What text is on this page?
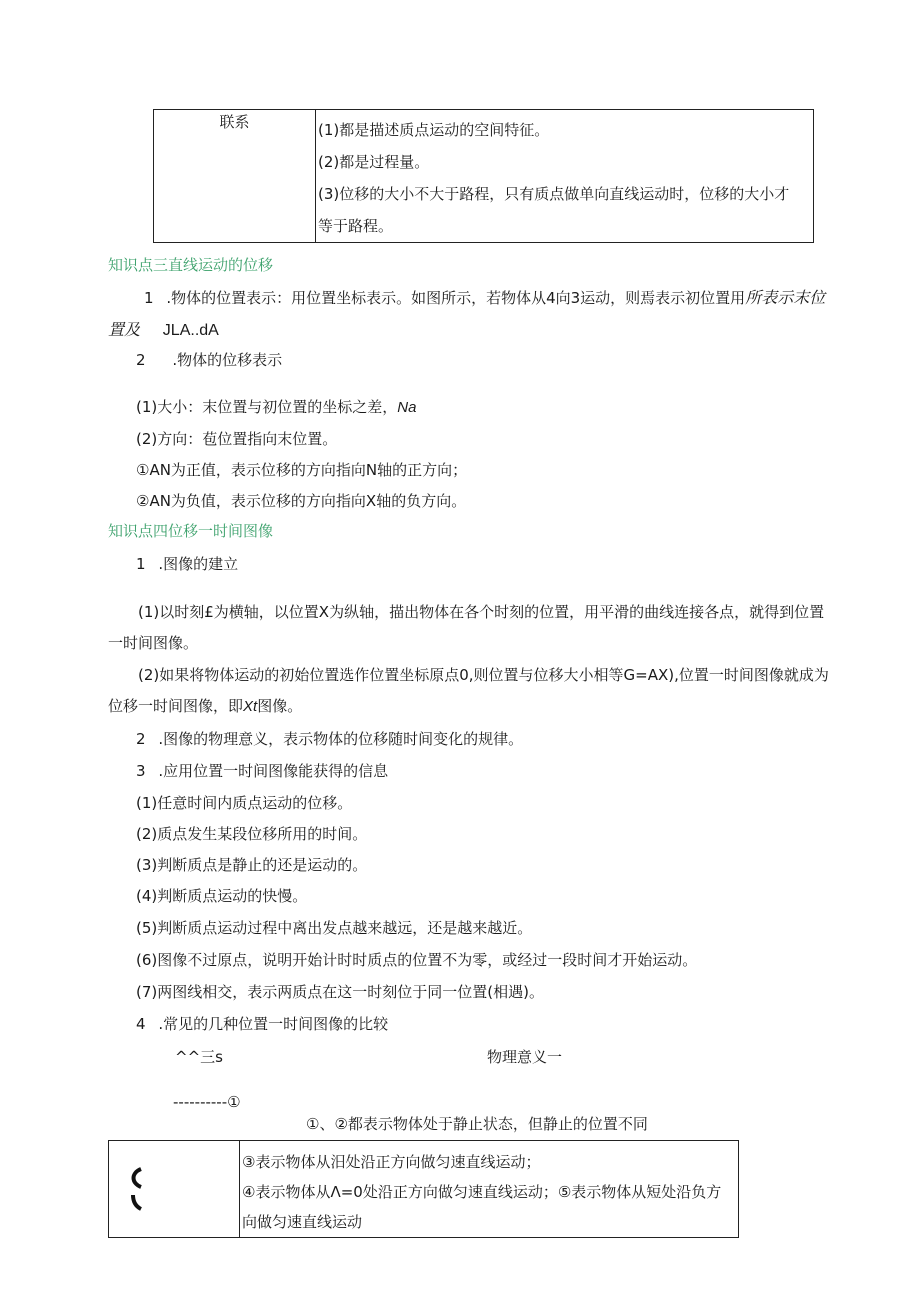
联系	(1)都是描述质点运动的空间特征。
(2)都是过程量。
(3)位移的大小不大于路程，只有质点做单向直线运动时，位移的大小才
等于路程。
知识点三直线运动的位移
1 .物体的位置表示：用位置坐标表示。如图所示，若物体从4向3运动，则焉表示初位置用所表示末位
置及 JLA..dA
2 .物体的位移表示
(1)大小：末位置与初位置的坐标之差，Na
(2)方向：苞位置指向末位置。
①AN为正值，表示位移的方向指向N轴的正方向；
②AN为负值，表示位移的方向指向X轴的负方向。
知识点四位移一时间图像
1 .图像的建立
(1)以时刻£为横轴，以位置X为纵轴，描出物体在各个时刻的位置，用平滑的曲线连接各点，就得到位置
一时间图像。
(2)如果将物体运动的初始位置选作位置坐标原点0,则位置与位移大小相等G=AX),位置一时间图像就成为
位移一时间图像，即Xt图像。
2 .图像的物理意义，表示物体的位移随时间变化的规律。
3 .应用位置一时间图像能获得的信息
(1)任意时间内质点运动的位移。
(2)质点发生某段位移所用的时间。
(3)判断质点是静止的还是运动的。
(4)判断质点运动的快慢。
(5)判断质点运动过程中离出发点越来越远，还是越来越近。
(6)图像不过原点，说明开始计时时质点的位置不为零，或经过一段时间才开始运动。
(7)两图线相交，表示两质点在这一时刻位于同一位置(相遇)。
4 .常见的几种位置一时间图像的比较
^^三s	物理意义一
----------①
①、②都表示物体处于静止状态，但静止的位置不同

③表示物体从汨处沿正方向做匀速直线运动；
④表示物体从Λ=0处沿正方向做匀速直线运动；⑤表示物体从短处沿负方
向做匀速直线运动
